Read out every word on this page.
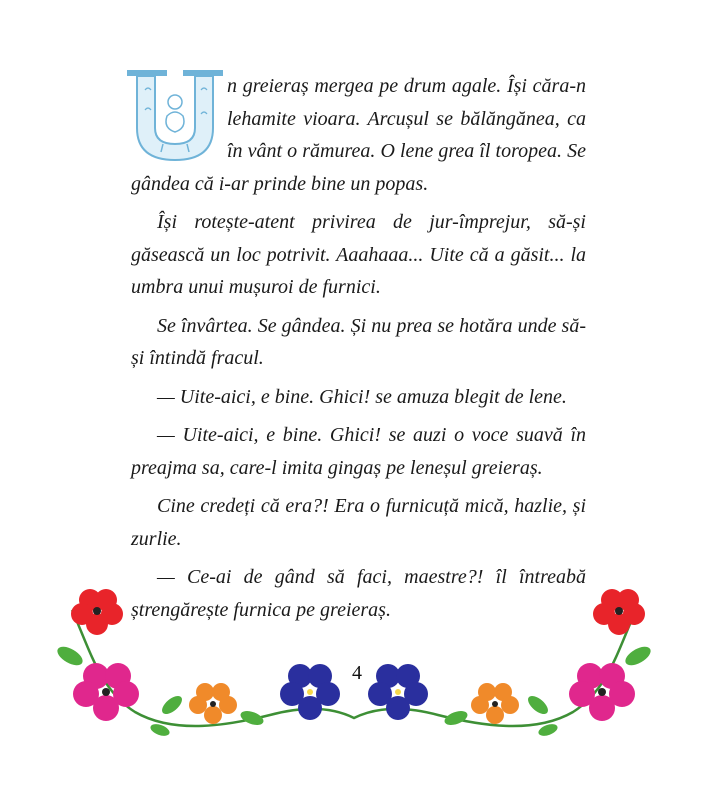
n greieraș mergea pe drum agale. Își căra-n lehamite vioara. Arcușul se bălăngănea, ca în vânt o rămurea. O lene grea îl toropea. Se gândea că i-ar prinde bine un popas.

Își rotește-atent privirea de jur-împrejur, să-și găsească un loc potrivit. Aaahaaa... Uite că a găsit... la umbra unui mușuroi de furnici.

Se învârtea. Se gândea. Și nu prea se hotăra unde să-și întindă fracul.

— Uite-aici, e bine. Ghici! se amuza blegit de lene.

— Uite-aici, e bine. Ghici! se auzi o voce suavă în preajma sa, care-l imita gingaș pe leneșul greieraș.

Cine credeți că era?! Era o furnicuță mică, hazlie, și zurlie.

— Ce-ai de gând să faci, maestre?! îl întreabă ștrengărește furnica pe greieraș.

4
